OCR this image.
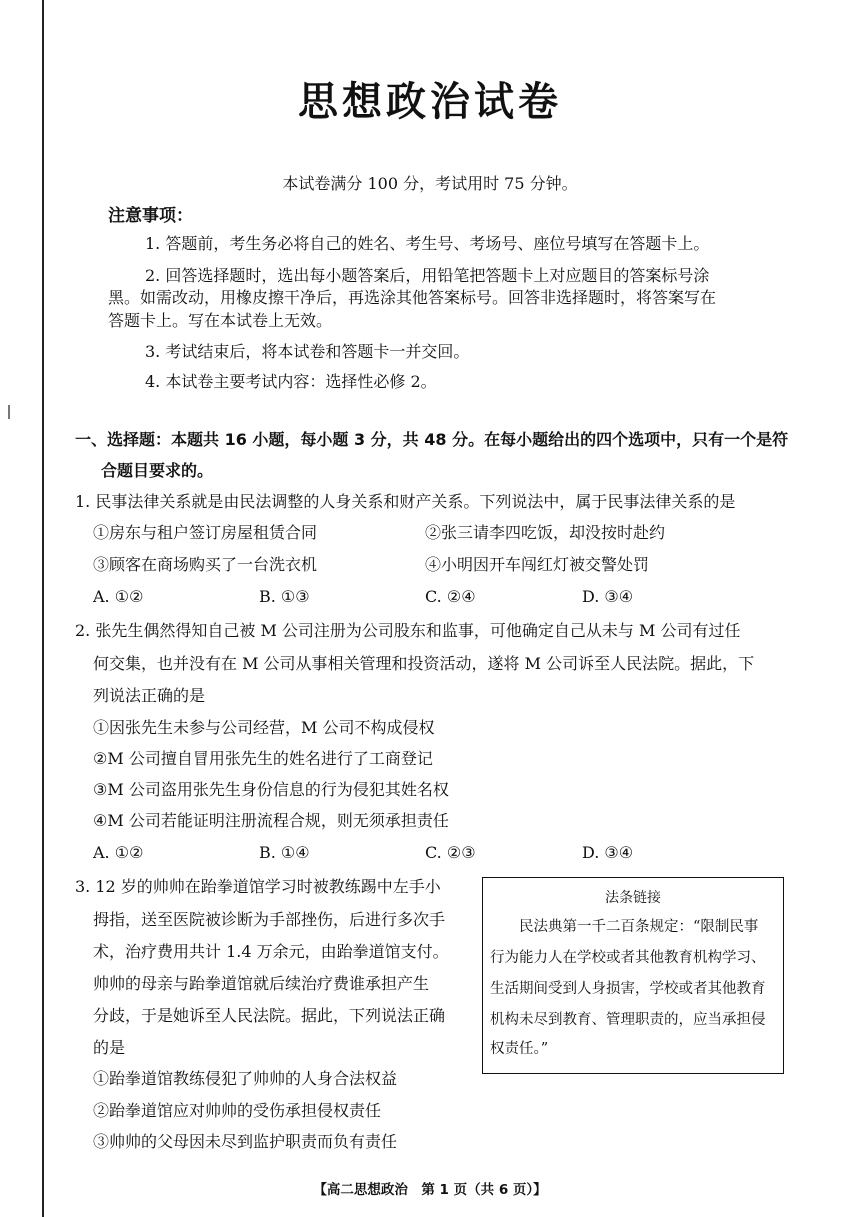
思想政治试卷
本试卷满分 100 分，考试用时 75 分钟。
注意事项：
1. 答题前，考生务必将自己的姓名、考生号、考场号、座位号填写在答题卡上。
2. 回答选择题时，选出每小题答案后，用铅笔把答题卡上对应题目的答案标号涂
黑。如需改动，用橡皮擦干净后，再选涂其他答案标号。回答非选择题时，将答案写在
答题卡上。写在本试卷上无效。
3. 考试结束后，将本试卷和答题卡一并交回。
4. 本试卷主要考试内容：选择性必修 2。
一、选择题：本题共 16 小题，每小题 3 分，共 48 分。在每小题给出的四个选项中，只有一个是符
合题目要求的。
1. 民事法律关系就是由民法调整的人身关系和财产关系。下列说法中，属于民事法律关系的是
①房东与租户签订房屋租赁合同	②张三请李四吃饭，却没按时赴约
③顾客在商场购买了一台洗衣机	④小明因开车闯红灯被交警处罚
A. ①②	B. ①③	C. ②④	D. ③④
2. 张先生偶然得知自己被 M 公司注册为公司股东和监事，可他确定自己从未与 M 公司有过任
何交集，也并没有在 M 公司从事相关管理和投资活动，遂将 M 公司诉至人民法院。据此，下
列说法正确的是
①因张先生未参与公司经营，M 公司不构成侵权
②M 公司擅自冒用张先生的姓名进行了工商登记
③M 公司盗用张先生身份信息的行为侵犯其姓名权
④M 公司若能证明注册流程合规，则无须承担责任
A. ①②	B. ①④	C. ②③	D. ③④
3. 12 岁的帅帅在跆拳道馆学习时被教练踢中左手小
拇指，送至医院被诊断为手部挫伤，后进行多次手
术，治疗费用共计 1.4 万余元，由跆拳道馆支付。
帅帅的母亲与跆拳道馆就后续治疗费谁承担产生
分歧，于是她诉至人民法院。据此，下列说法正确
的是
①跆拳道馆教练侵犯了帅帅的人身合法权益
②跆拳道馆应对帅帅的受伤承担侵权责任
③帅帅的父母因未尽到监护职责而负有责任
法条链接
民法典第一千二百条规定：“限制民事
行为能力人在学校或者其他教育机构学习、
生活期间受到人身损害，学校或者其他教育
机构未尽到教育、管理职责的，应当承担侵
权责任。”
【高二思想政治　第 1 页（共 6 页）】
